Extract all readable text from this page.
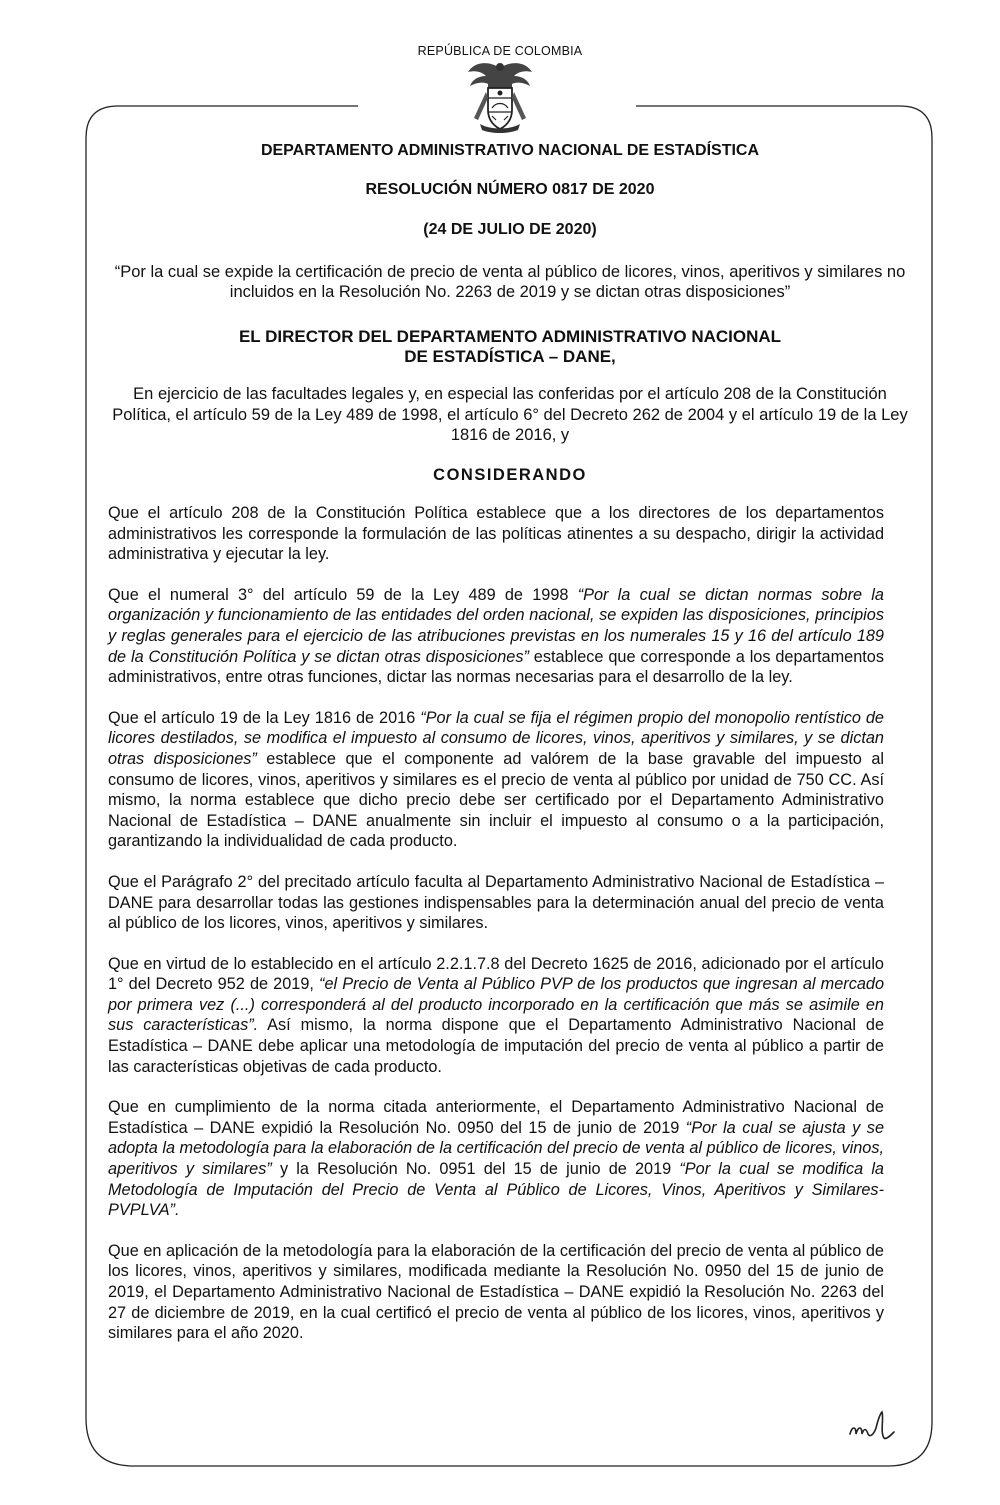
REPÚBLICA DE COLOMBIA
DEPARTAMENTO ADMINISTRATIVO NACIONAL DE ESTADÍSTICA
RESOLUCIÓN NÚMERO 0817 DE 2020
(24 DE JULIO DE 2020)
“Por la cual se expide la certificación de precio de venta al público de licores, vinos, aperitivos y similares no incluidos en la Resolución No. 2263 de 2019 y se dictan otras disposiciones”
EL DIRECTOR DEL DEPARTAMENTO ADMINISTRATIVO NACIONAL
DE ESTADÍSTICA – DANE,
En ejercicio de las facultades legales y, en especial las conferidas por el artículo 208 de la Constitución Política, el artículo 59 de la Ley 489 de 1998, el artículo 6° del Decreto 262 de 2004 y el artículo 19 de la Ley 1816 de 2016, y
CONSIDERANDO

Que el artículo 208 de la Constitución Política establece que a los directores de los departamentos administrativos les corresponde la formulación de las políticas atinentes a su despacho, dirigir la actividad administrativa y ejecutar la ley.

Que el numeral 3° del artículo 59 de la Ley 489 de 1998 “Por la cual se dictan normas sobre la organización y funcionamiento de las entidades del orden nacional, se expiden las disposiciones, principios y reglas generales para el ejercicio de las atribuciones previstas en los numerales 15 y 16 del artículo 189 de la Constitución Política y se dictan otras disposiciones” establece que corresponde a los departamentos administrativos, entre otras funciones, dictar las normas necesarias para el desarrollo de la ley.

Que el artículo 19 de la Ley 1816 de 2016 “Por la cual se fija el régimen propio del monopolio rentístico de licores destilados, se modifica el impuesto al consumo de licores, vinos, aperitivos y similares, y se dictan otras disposiciones” establece que el componente ad valórem de la base gravable del impuesto al consumo de licores, vinos, aperitivos y similares es el precio de venta al público por unidad de 750 CC. Así mismo, la norma establece que dicho precio debe ser certificado por el Departamento Administrativo Nacional de Estadística – DANE anualmente sin incluir el impuesto al consumo o a la participación, garantizando la individualidad de cada producto.

Que el Parágrafo 2° del precitado artículo faculta al Departamento Administrativo Nacional de Estadística – DANE para desarrollar todas las gestiones indispensables para la determinación anual del precio de venta al público de los licores, vinos, aperitivos y similares.

Que en virtud de lo establecido en el artículo 2.2.1.7.8 del Decreto 1625 de 2016, adicionado por el artículo 1° del Decreto 952 de 2019, “el Precio de Venta al Público PVP de los productos que ingresan al mercado por primera vez (...) corresponderá al del producto incorporado en la certificación que más se asimile en sus características”. Así mismo, la norma dispone que el Departamento Administrativo Nacional de Estadística – DANE debe aplicar una metodología de imputación del precio de venta al público a partir de las características objetivas de cada producto.

Que en cumplimiento de la norma citada anteriormente, el Departamento Administrativo Nacional de Estadística – DANE expidió la Resolución No. 0950 del 15 de junio de 2019 “Por la cual se ajusta y se adopta la metodología para la elaboración de la certificación del precio de venta al público de licores, vinos, aperitivos y similares” y la Resolución No. 0951 del 15 de junio de 2019 “Por la cual se modifica la Metodología de Imputación del Precio de Venta al Público de Licores, Vinos, Aperitivos y Similares- PVPLVA”.

Que en aplicación de la metodología para la elaboración de la certificación del precio de venta al público de los licores, vinos, aperitivos y similares, modificada mediante la Resolución No. 0950 del 15 de junio de 2019, el Departamento Administrativo Nacional de Estadística – DANE expidió la Resolución No. 2263 del 27 de diciembre de 2019, en la cual certificó el precio de venta al público de los licores, vinos, aperitivos y similares para el año 2020.
